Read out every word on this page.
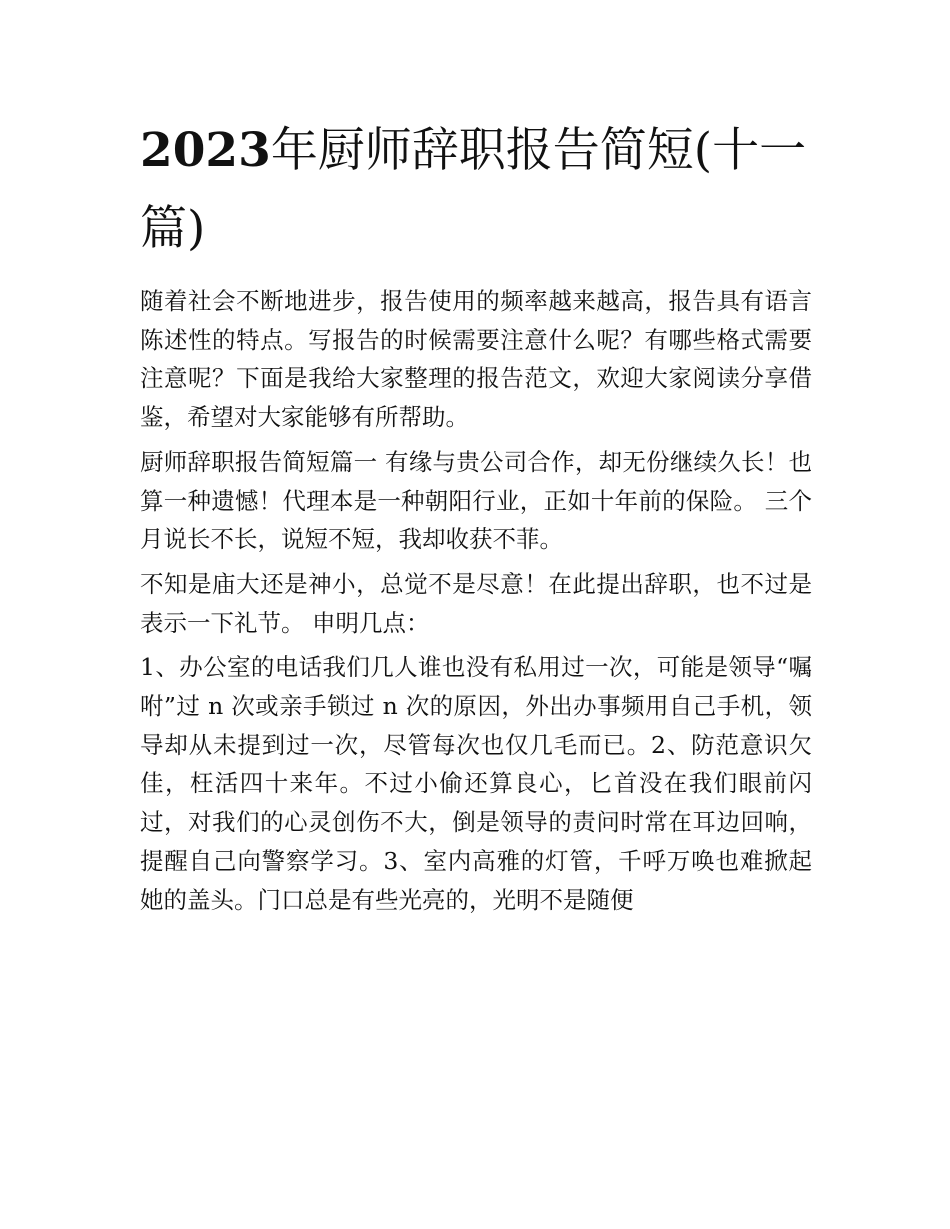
2023年厨师辞职报告简短(十一篇)

随着社会不断地进步，报告使用的频率越来越高，报告具有语言陈述性的特点。写报告的时候需要注意什么呢？有哪些格式需要注意呢？下面是我给大家整理的报告范文，欢迎大家阅读分享借鉴，希望对大家能够有所帮助。

厨师辞职报告简短篇一 有缘与贵公司合作，却无份继续久长！也算一种遗憾！代理本是一种朝阳行业，正如十年前的保险。 三个月说长不长，说短不短，我却收获不菲。

不知是庙大还是神小，总觉不是尽意！在此提出辞职，也不过是表示一下礼节。 申明几点：

1、办公室的电话我们几人谁也没有私用过一次，可能是领导“嘱咐”过 n 次或亲手锁过 n 次的原因，外出办事频用自己手机，领导却从未提到过一次，尽管每次也仅几毛而已。2、防范意识欠佳，枉活四十来年。不过小偷还算良心，匕首没在我们眼前闪过，对我们的心灵创伤不大，倒是领导的责问时常在耳边回响，提醒自己向警察学习。3、室内高雅的灯管，千呼万唤也难掀起她的盖头。门口总是有些光亮的，光明不是随便
